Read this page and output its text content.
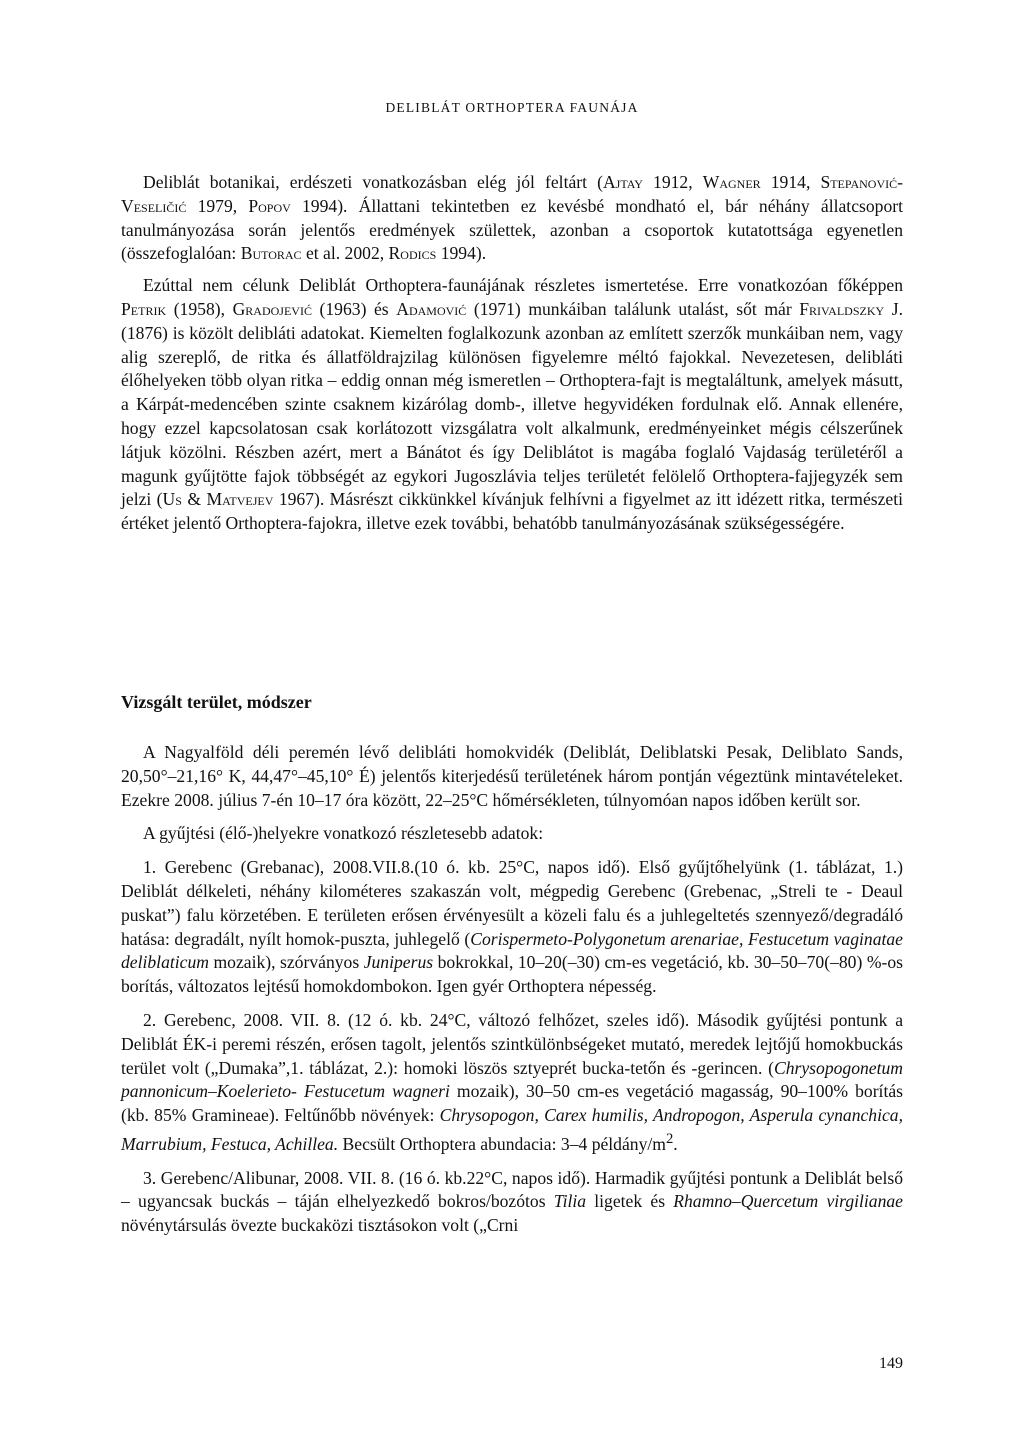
DELIBLÁT ORTHOPTERA FAUNÁJA

Deliblát botanikai, erdészeti vonatkozásban elég jól feltárt (Ajtay 1912, Wagner 1914, Stepanović-Veseličić 1979, Popov 1994). Állattani tekintetben ez kevésbé mondható el, bár néhány állatcsoport tanulmányozása során jelentős eredmények születtek, azonban a csoportok kutatottsága egyenetlen (összefoglalóan: Butorac et al. 2002, Rodics 1994).

Ezúttal nem célunk Deliblát Orthoptera-faunájának részletes ismertetése. Erre vonatkozóan főképpen Petrik (1958), Gradojević (1963) és Adamović (1971) munkáiban találunk utalást, sőt már Frivaldszky J. (1876) is közölt delibláti adatokat. Kiemelten foglalkozunk azonban az említett szerzők munkáiban nem, vagy alig szereplő, de ritka és állatföldrajzilag különösen figyelemre méltó fajokkal. Nevezetesen, delibláti élőhelyeken több olyan ritka – eddig onnan még ismeretlen – Orthoptera-fajt is megtaláltunk, amelyek másutt, a Kárpát-medencében szinte csaknem kizárólag domb-, illetve hegyvidéken fordulnak elő. Annak ellenére, hogy ezzel kapcsolatosan csak korlátozott vizsgálatra volt alkalmunk, eredményeinket mégis célszerűnek látjuk közölni. Részben azért, mert a Bánátot és így Deliblátot is magába foglaló Vajdaság területéről a magunk gyűjtötte fajok többségét az egykori Jugoszlávia teljes területét felölelő Orthoptera-fajjegyzék sem jelzi (Us & Matvejev 1967). Másrészt cikkünkkel kívánjuk felhívni a figyelmet az itt idézett ritka, természeti értéket jelentő Orthoptera-fajokra, illetve ezek további, behatóbb tanulmányozásának szükségességére.

Vizsgált terület, módszer

A Nagyalföld déli peremén lévő delibláti homokvidék (Deliblát, Deliblatski Pesak, Deliblato Sands, 20,50°–21,16° K, 44,47°–45,10° É) jelentős kiterjedésű területének három pontján végeztünk mintavételeket. Ezekre 2008. július 7-én 10–17 óra között, 22–25°C hőmérsékleten, túlnyomóan napos időben került sor.

A gyűjtési (élő-)helyekre vonatkozó részletesebb adatok:

1. Gerebenc (Grebanac), 2008.VII.8.(10 ó. kb. 25°C, napos idő). Első gyűjtőhelyünk (1. táblázat, 1.) Deliblát délkeleti, néhány kilométeres szakaszán volt, mégpedig Gerebenc (Grebenac, „Streli te - Deaul puskat”) falu körzetében. E területen erősen érvényesült a közeli falu és a juhlegeltetés szennyező/degradáló hatása: degradált, nyílt homok-puszta, juhlegelő (Corispermeto-Polygonetum arenariae, Festucetum vaginatae deliblaticum mozaik), szórványos Juniperus bokrokkal, 10–20(–30) cm-es vegetáció, kb. 30–50–70(–80) %-os borítás, változatos lejtésű homokdombokon. Igen gyér Orthoptera népesség.

2. Gerebenc, 2008. VII. 8. (12 ó. kb. 24°C, változó felhőzet, szeles idő). Második gyűjtési pontunk a Deliblát ÉK-i peremi részén, erősen tagolt, jelentős szintkülönbségeket mutató, meredek lejtőjű homokbuckás terület volt („Dumaka”,1. táblázat, 2.): homoki löszös sztyeprét bucka-tetőn és -gerincen. (Chrysopogonetum pannonicum–Koelerieto- Festucetum wagneri mozaik), 30–50 cm-es vegetáció magasság, 90–100% borítás (kb. 85% Gramineae). Feltűnőbb növények: Chrysopogon, Carex humilis, Andropogon, Asperula cynanchica, Marrubium, Festuca, Achillea. Becsült Orthoptera abundacia: 3–4 példány/$m^2$.

3. Gerebenc/Alibunar, 2008. VII. 8. (16 ó. kb.22°C, napos idő). Harmadik gyűjtési pontunk a Deliblát belső – ugyancsak buckás – táján elhelyezkedő bokros/bozótos Tilia ligetek és Rhamno–Quercetum virgilianae növénytársulás övezte buckaközi tisztásokon volt („Crni

149
